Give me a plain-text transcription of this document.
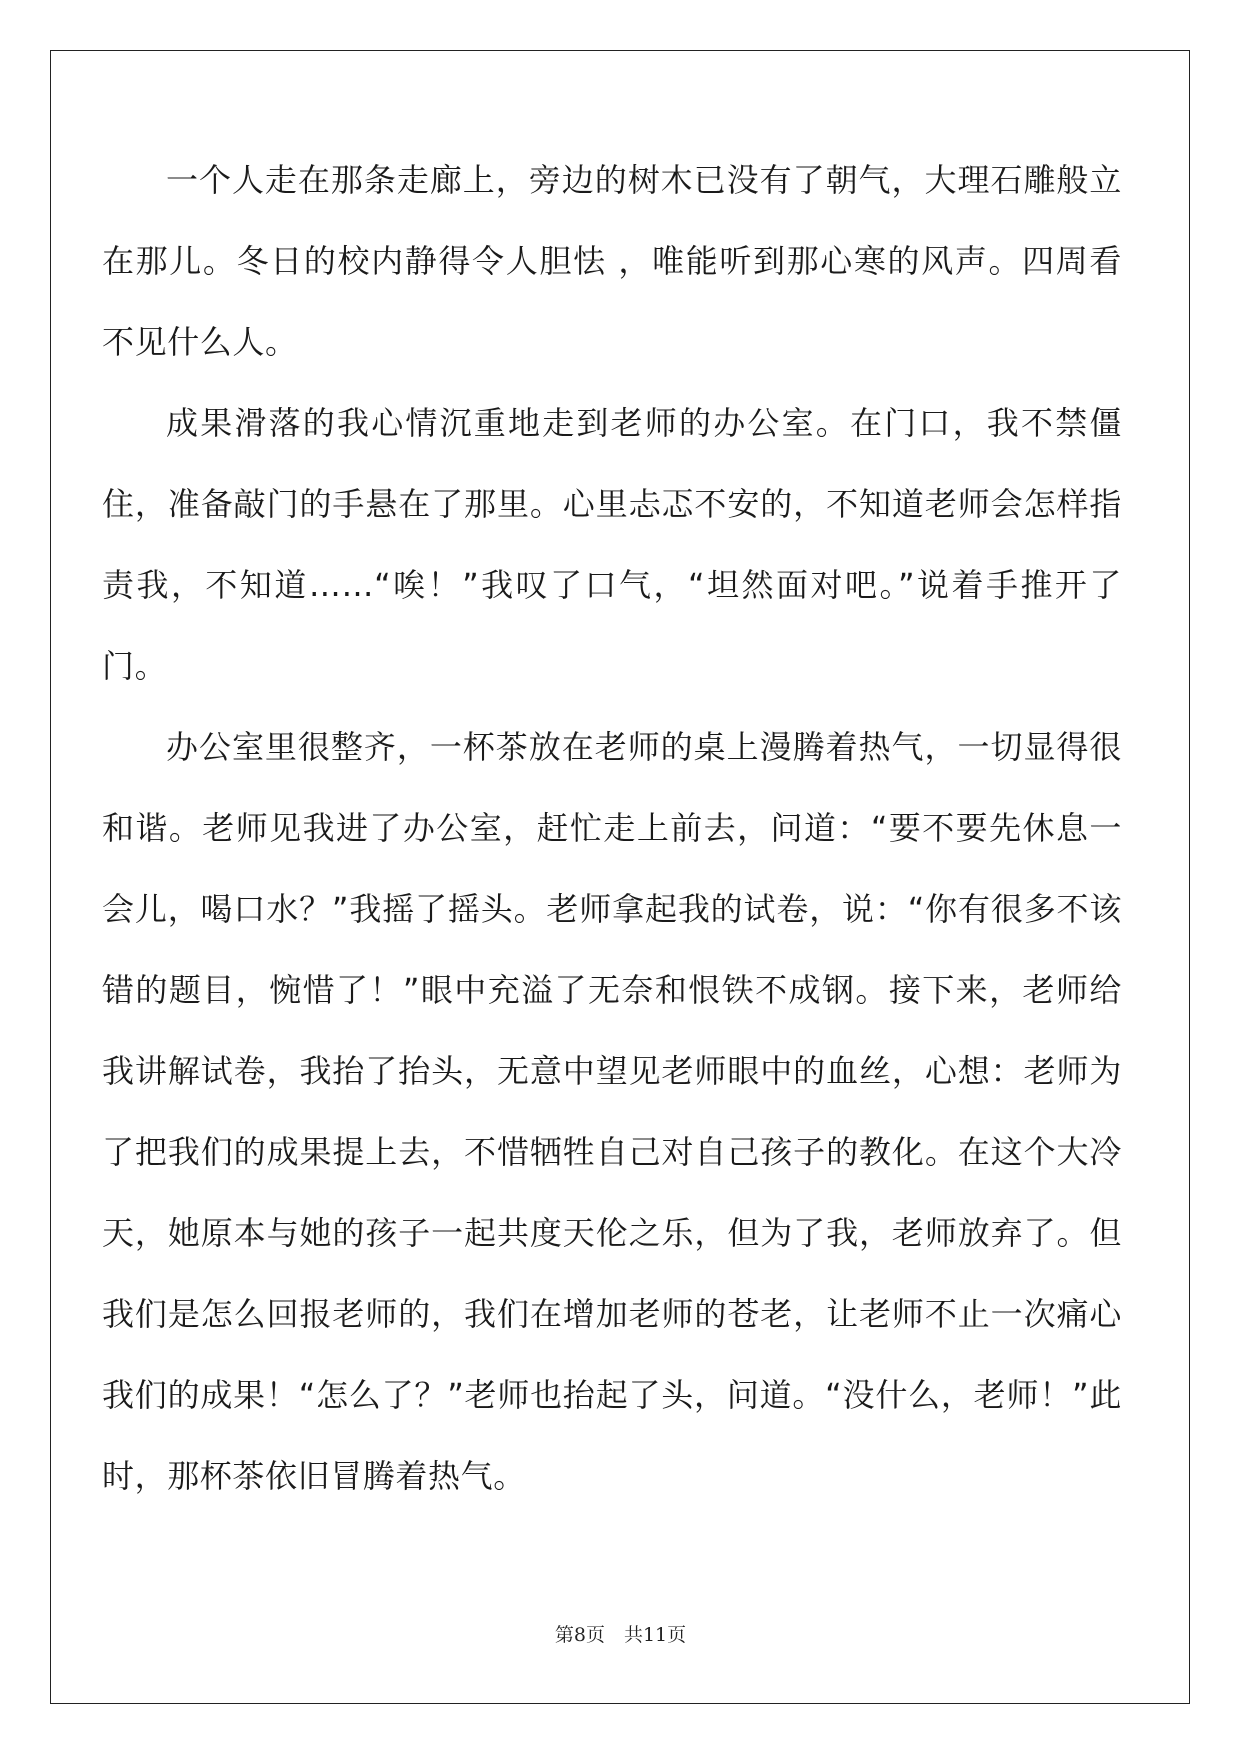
一个人走在那条走廊上，旁边的树木已没有了朝气，大理石雕般立在那儿。冬日的校内静得令人胆怯 ，唯能听到那心寒的风声。四周看不见什么人。

成果滑落的我心情沉重地走到老师的办公室。在门口，我不禁僵住，准备敲门的手悬在了那里。心里忐忑不安的，不知道老师会怎样指责我，不知道……“唉！”我叹了口气，“坦然面对吧。”说着手推开了门。

办公室里很整齐，一杯茶放在老师的桌上漫腾着热气，一切显得很和谐。老师见我进了办公室，赶忙走上前去，问道：“要不要先休息一会儿，喝口水？”我摇了摇头。老师拿起我的试卷，说：“你有很多不该错的题目，惋惜了！”眼中充溢了无奈和恨铁不成钢。接下来，老师给我讲解试卷，我抬了抬头，无意中望见老师眼中的血丝，心想：老师为了把我们的成果提上去，不惜牺牲自己对自己孩子的教化。在这个大冷天，她原本与她的孩子一起共度天伦之乐，但为了我，老师放弃了。但我们是怎么回报老师的，我们在增加老师的苍老，让老师不止一次痛心我们的成果！“怎么了？”老师也抬起了头，问道。“没什么，老师！”此时，那杯茶依旧冒腾着热气。

第8页　共11页
